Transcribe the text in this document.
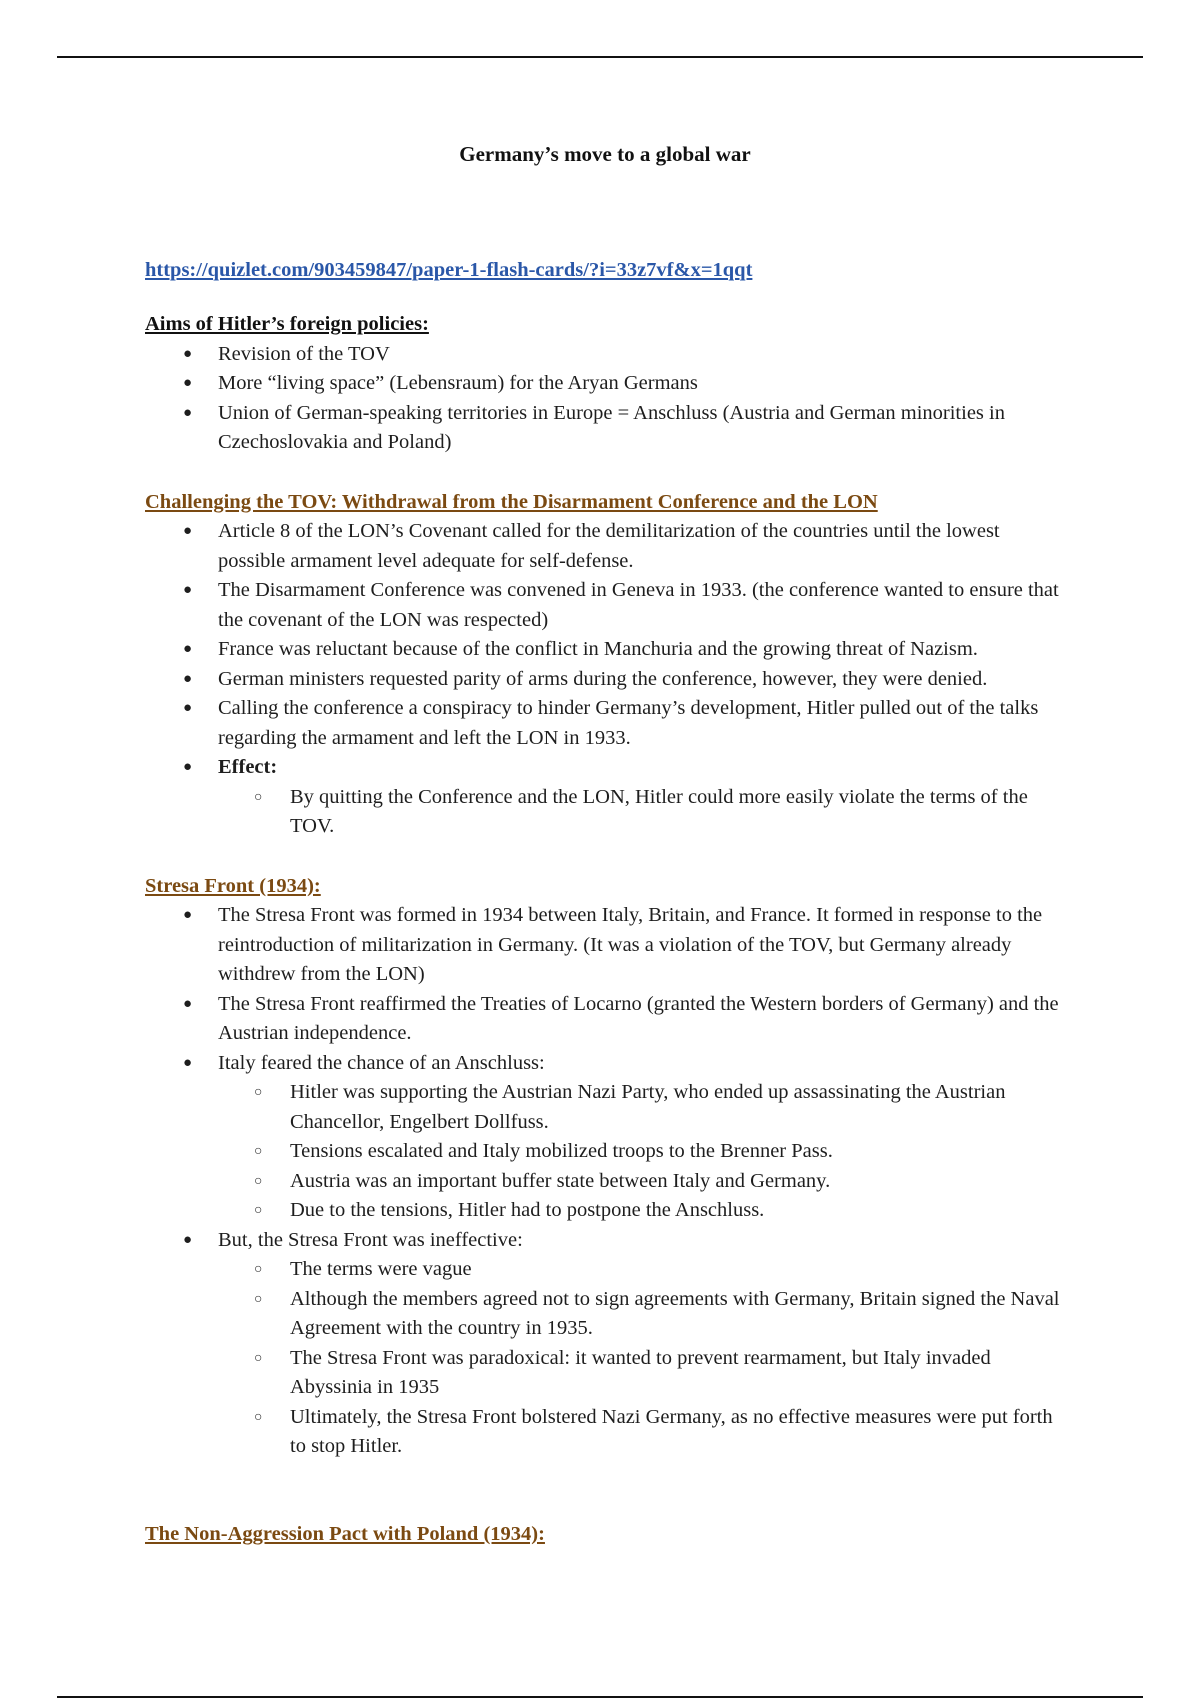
Germany’s move to a global war
https://quizlet.com/903459847/paper-1-flash-cards/?i=33z7vf&x=1qqt
Aims of Hitler’s foreign policies:
● Revision of the TOV
● More “living space” (Lebensraum) for the Aryan Germans
● Union of German-speaking territories in Europe = Anschluss (Austria and German minorities in Czechoslovakia and Poland)
Challenging the TOV: Withdrawal from the Disarmament Conference and the LON
● Article 8 of the LON’s Covenant called for the demilitarization of the countries until the lowest possible armament level adequate for self-defense.
● The Disarmament Conference was convened in Geneva in 1933. (the conference wanted to ensure that the covenant of the LON was respected)
● France was reluctant because of the conflict in Manchuria and the growing threat of Nazism.
● German ministers requested parity of arms during the conference, however, they were denied.
● Calling the conference a conspiracy to hinder Germany’s development, Hitler pulled out of the talks regarding the armament and left the LON in 1933.
● Effect:
○ By quitting the Conference and the LON, Hitler could more easily violate the terms of the TOV.
Stresa Front (1934):
● The Stresa Front was formed in 1934 between Italy, Britain, and France. It formed in response to the reintroduction of militarization in Germany. (It was a violation of the TOV, but Germany already withdrew from the LON)
● The Stresa Front reaffirmed the Treaties of Locarno (granted the Western borders of Germany) and the Austrian independence.
● Italy feared the chance of an Anschluss:
○ Hitler was supporting the Austrian Nazi Party, who ended up assassinating the Austrian Chancellor, Engelbert Dollfuss.
○ Tensions escalated and Italy mobilized troops to the Brenner Pass.
○ Austria was an important buffer state between Italy and Germany.
○ Due to the tensions, Hitler had to postpone the Anschluss.
● But, the Stresa Front was ineffective:
○ The terms were vague
○ Although the members agreed not to sign agreements with Germany, Britain signed the Naval Agreement with the country in 1935.
○ The Stresa Front was paradoxical: it wanted to prevent rearmament, but Italy invaded Abyssinia in 1935
○ Ultimately, the Stresa Front bolstered Nazi Germany, as no effective measures were put forth to stop Hitler.
The Non-Aggression Pact with Poland (1934):
